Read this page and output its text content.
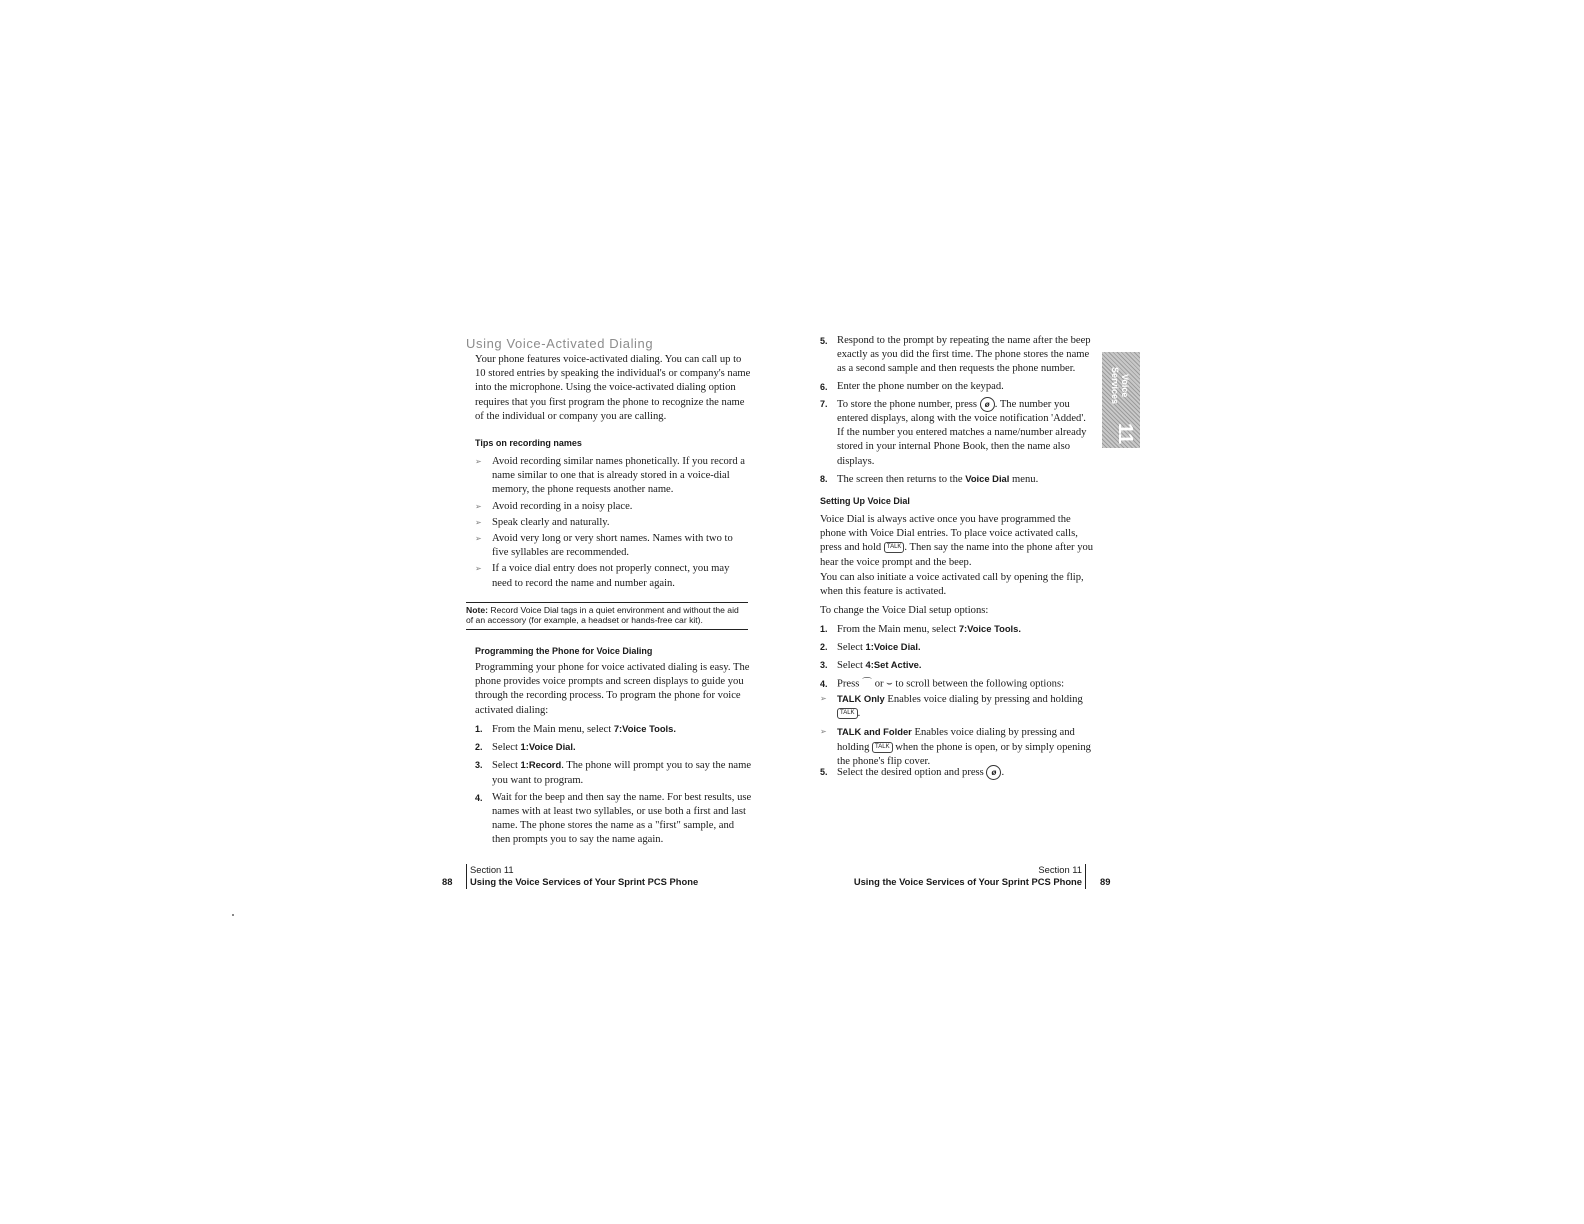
Using Voice-Activated Dialing

Your phone features voice-activated dialing. You can call up to 10 stored entries by speaking the individual's or company's name into the microphone. Using the voice-activated dialing option requires that you first program the phone to recognize the name of the individual or company you are calling.

Tips on recording names

➢ Avoid recording similar names phonetically. If you record a name similar to one that is already stored in a voice-dial memory, the phone requests another name.
➢ Avoid recording in a noisy place.
➢ Speak clearly and naturally.
➢ Avoid very long or very short names. Names with two to five syllables are recommended.
➢ If a voice dial entry does not properly connect, you may need to record the name and number again.
Note: Record Voice Dial tags in a quiet environment and without the aid of an accessory (for example, a headset or hands-free car kit).

Programming the Phone for Voice Dialing

Programming your phone for voice activated dialing is easy. The phone provides voice prompts and screen displays to guide you through the recording process. To program the phone for voice activated dialing:

1. From the Main menu, select 7:Voice Tools.
2. Select 1:Voice Dial.
3. Select 1:Record. The phone will prompt you to say the name you want to program.
4. Wait for the beep and then say the name. For best results, use names with at least two syllables, or use both a first and last name. The phone stores the name as a "first" sample, and then prompts you to say the name again.
5. Respond to the prompt by repeating the name after the beep exactly as you did the first time. The phone stores the name as a second sample and then requests the phone number.
6. Enter the phone number on the keypad.
7. To store the phone number, press ø . The number you entered displays, along with the voice notification 'Added'. If the number you entered matches a name/number already stored in your internal Phone Book, then the name also displays.
8. The screen then returns to the Voice Dial menu.

Setting Up Voice Dial

Voice Dial is always active once you have programmed the phone with Voice Dial entries. To place voice activated calls, press and hold TALK . Then say the name into the phone after you hear the voice prompt and the beep.

You can also initiate a voice activated call by opening the flip, when this feature is activated.

To change the Voice Dial setup options:

1. From the Main menu, select 7:Voice Tools.
2. Select 1:Voice Dial.
3. Select 4:Set Active.
4. Press ⌒ or ⌣ to scroll between the following options:
➢ TALK Only Enables voice dialing by pressing and holding TALK .
➢ TALK and Folder Enables voice dialing by pressing and holding TALK when the phone is open, or by simply opening the phone's flip cover.
5. Select the desired option and press ø .
Voice Services
11
Section 11
Using the Voice Services of Your Sprint PCS Phone
88
Section 11
Using the Voice Services of Your Sprint PCS Phone 89
